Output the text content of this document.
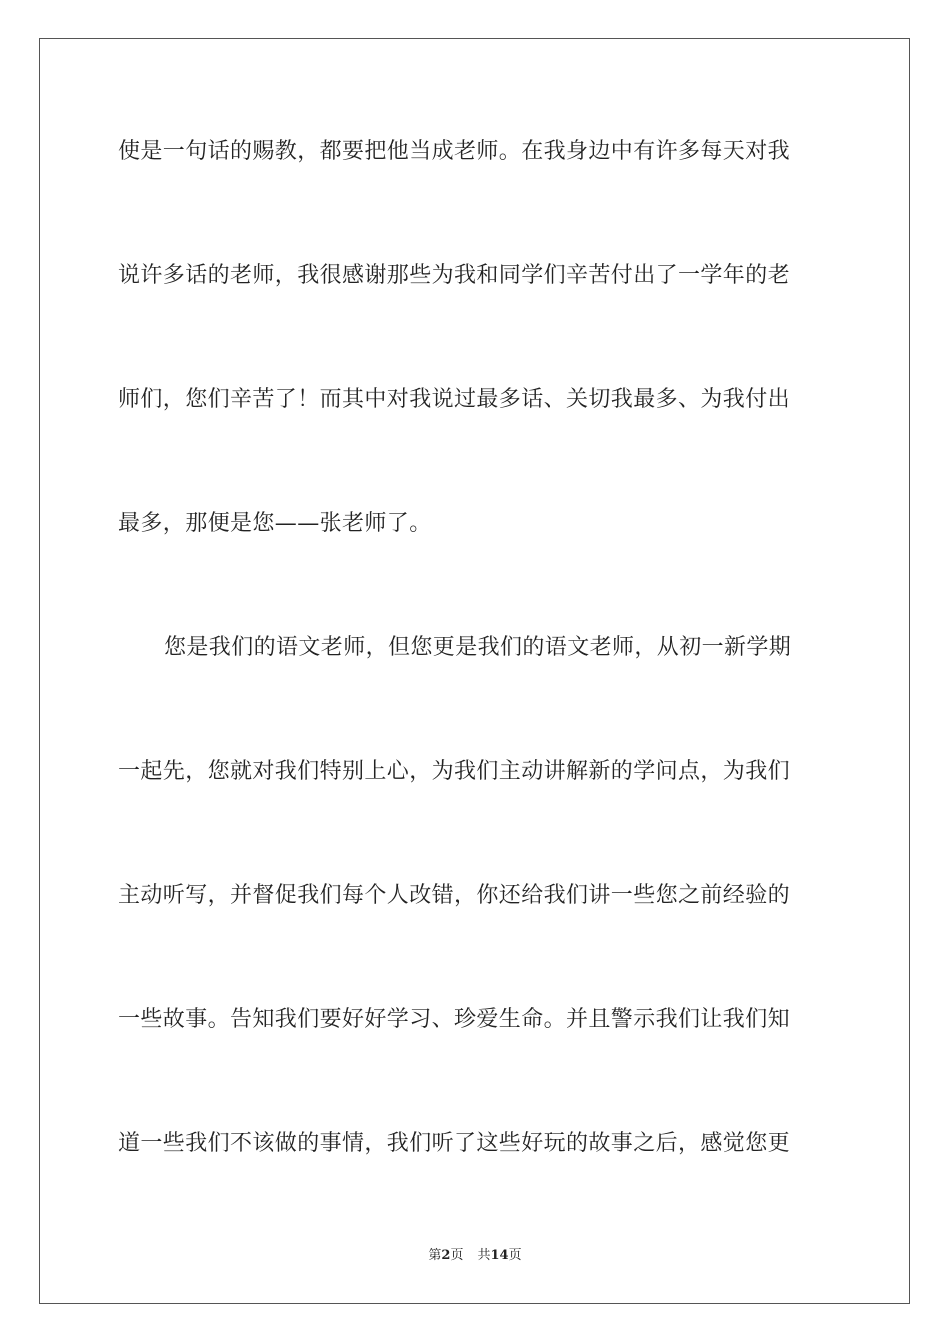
使是一句话的赐教，都要把他当成老师。在我身边中有许多每天对我
说许多话的老师，我很感谢那些为我和同学们辛苦付出了一学年的老
师们，您们辛苦了！而其中对我说过最多话、关切我最多、为我付出
最多，那便是您——张老师了。
您是我们的语文老师，但您更是我们的语文老师，从初一新学期
一起先，您就对我们特别上心，为我们主动讲解新的学问点，为我们
主动听写，并督促我们每个人改错，你还给我们讲一些您之前经验的
一些故事。告知我们要好好学习、珍爱生命。并且警示我们让我们知
道一些我们不该做的事情，我们听了这些好玩的故事之后，感觉您更
第2页 共14页
